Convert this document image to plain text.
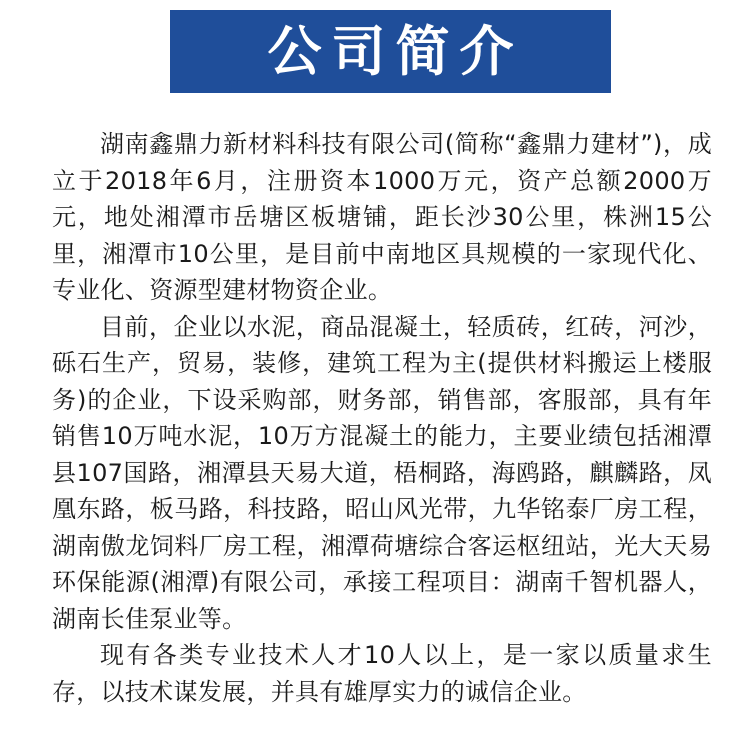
公司简介

湖南鑫鼎力新材料科技有限公司(简称“鑫鼎力建材”)，成立于2018年6月，注册资本1000万元，资产总额2000万元，地处湘潭市岳塘区板塘铺，距长沙30公里，株洲15公里，湘潭市10公里，是目前中南地区具规模的一家现代化、专业化、资源型建材物资企业。

目前，企业以水泥，商品混凝土，轻质砖，红砖，河沙，砾石生产，贸易，装修，建筑工程为主(提供材料搬运上楼服务)的企业，下设采购部，财务部，销售部，客服部，具有年销售10万吨水泥，10万方混凝土的能力，主要业绩包括湘潭县107国路，湘潭县天易大道，梧桐路，海鸥路，麒麟路，凤凰东路，板马路，科技路，昭山风光带，九华铭泰厂房工程，湖南傲龙饲料厂房工程，湘潭荷塘综合客运枢纽站，光大天易环保能源(湘潭)有限公司，承接工程项目：湖南千智机器人，湖南长佳泵业等。

现有各类专业技术人才10人以上，是一家以质量求生存，以技术谋发展，并具有雄厚实力的诚信企业。
